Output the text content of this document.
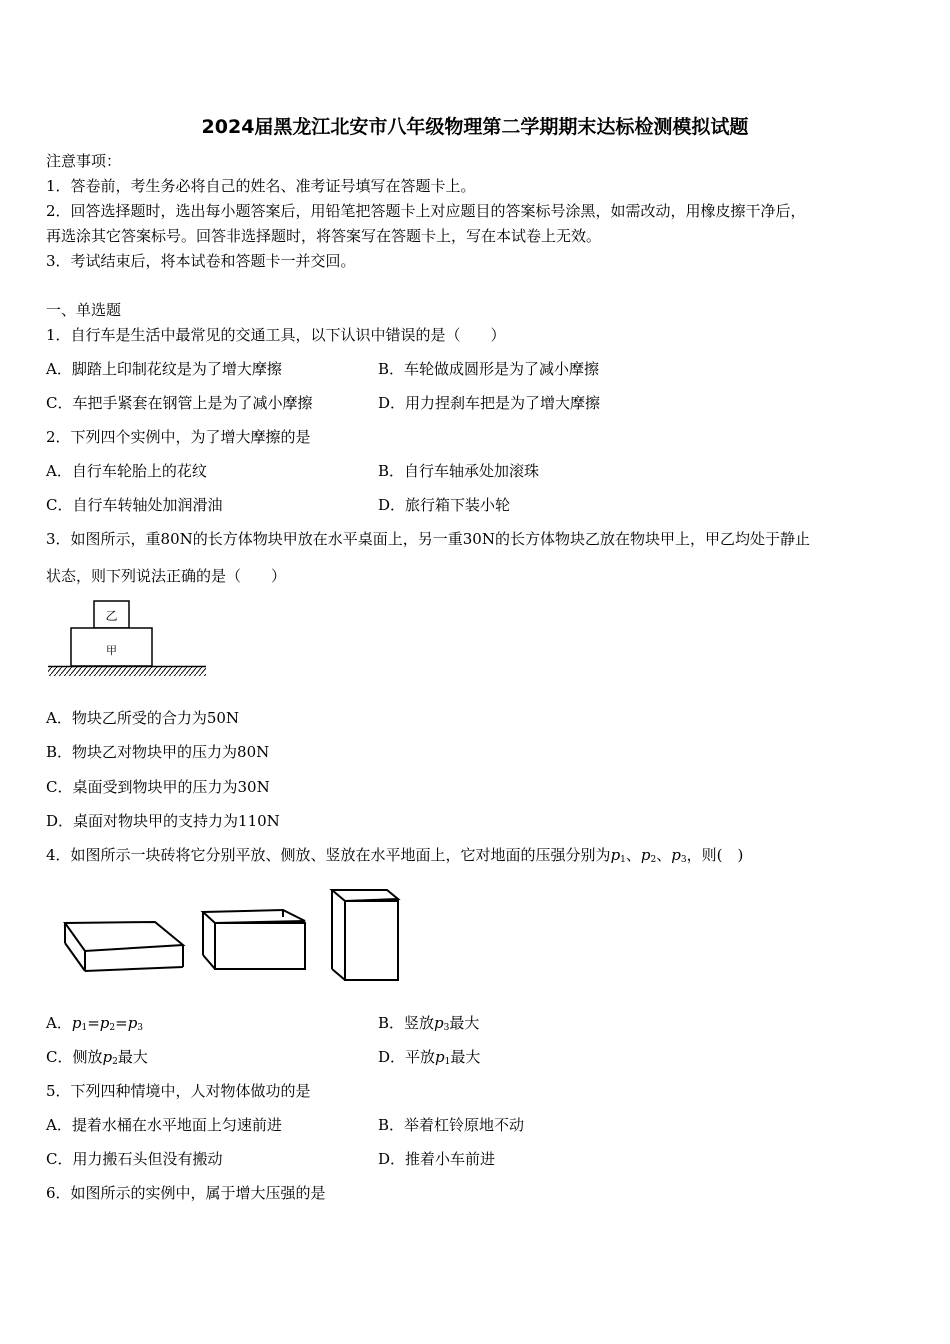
2024届黑龙江北安市八年级物理第二学期期末达标检测模拟试题
注意事项：
1．答卷前，考生务必将自己的姓名、准考证号填写在答题卡上。
2．回答选择题时，选出每小题答案后，用铅笔把答题卡上对应题目的答案标号涂黑，如需改动，用橡皮擦干净后，
再选涂其它答案标号。回答非选择题时，将答案写在答题卡上，写在本试卷上无效。
3．考试结束后，将本试卷和答题卡一并交回。
一、单选题
1．自行车是生活中最常见的交通工具，以下认识中错误的是（　　）
A．脚踏上印制花纹是为了增大摩擦	B．车轮做成圆形是为了减小摩擦
C．车把手紧套在钢管上是为了减小摩擦	D．用力捏刹车把是为了增大摩擦
2．下列四个实例中，为了增大摩擦的是
A．自行车轮胎上的花纹	B．自行车轴承处加滚珠
C．自行车转轴处加润滑油	D．旅行箱下装小轮
3．如图所示，重80N的长方体物块甲放在水平桌面上，另一重30N的长方体物块乙放在物块甲上，甲乙均处于静止
状态，则下列说法正确的是（　　）
乙
甲
A．物块乙所受的合力为50N
B．物块乙对物块甲的压力为80N
C．桌面受到物块甲的压力为30N
D．桌面对物块甲的支持力为110N
4．如图所示一块砖将它分别平放、侧放、竖放在水平地面上，它对地面的压强分别为$p_1$、$p_2$、$p_3$，则(　)
A．$p_1=p_2=p_3$	B．竖放$p_3$最大
C．侧放$p_2$最大	D．平放$p_1$最大
5．下列四种情境中，人对物体做功的是
A．提着水桶在水平地面上匀速前进	B．举着杠铃原地不动
C．用力搬石头但没有搬动	D．推着小车前进
6．如图所示的实例中，属于增大压强的是
